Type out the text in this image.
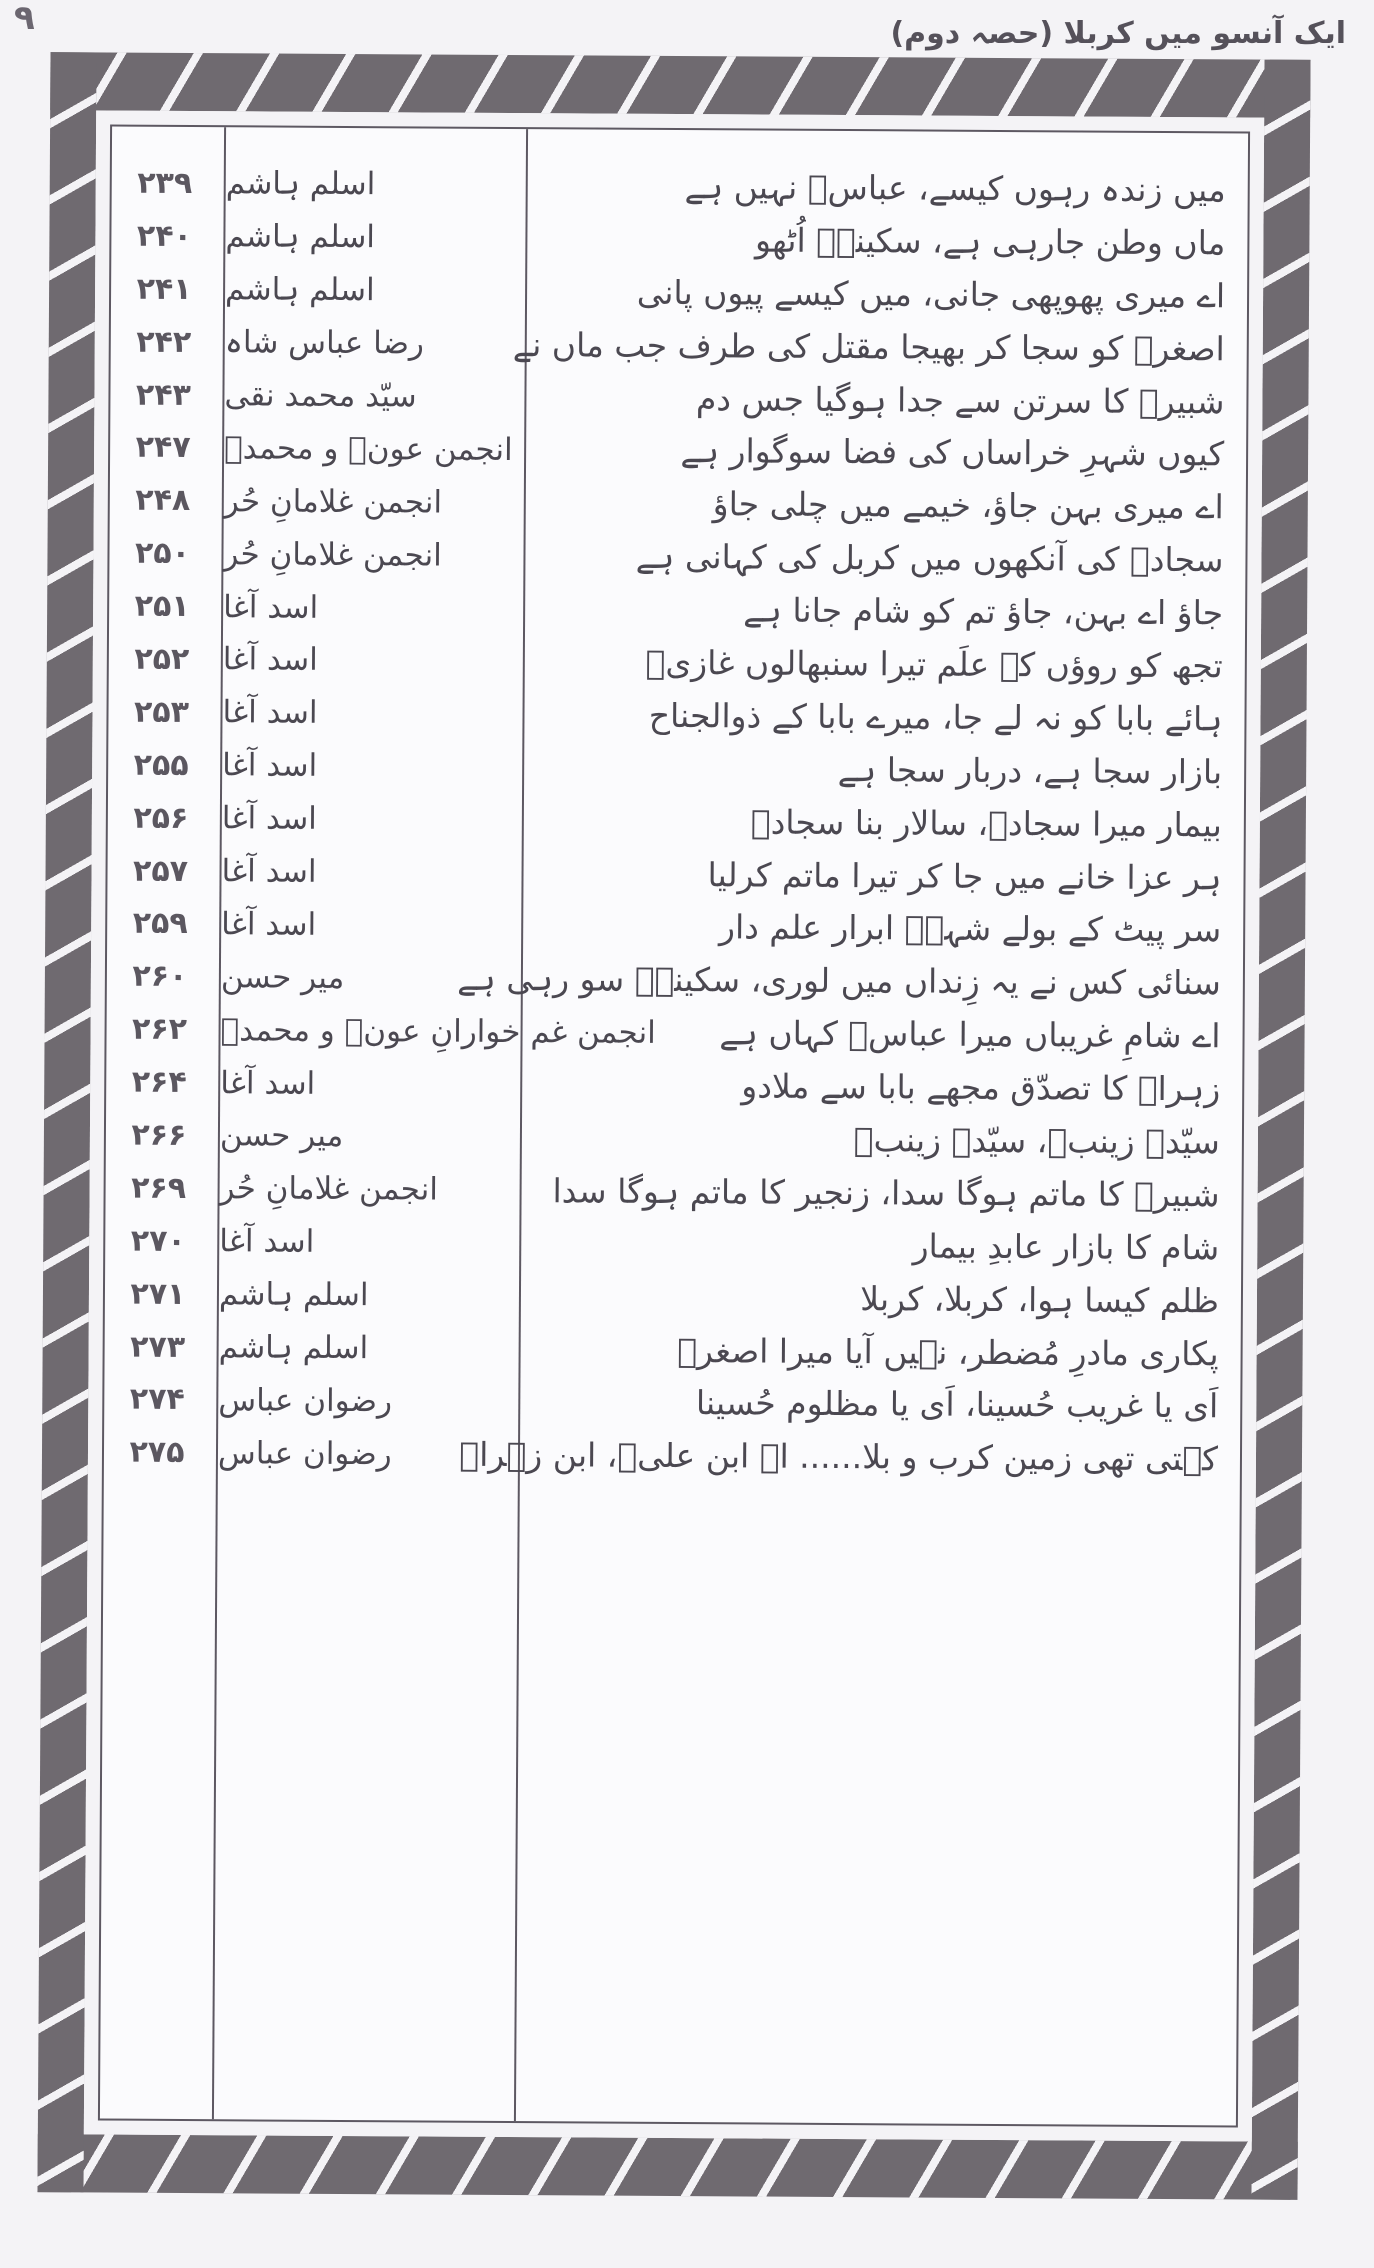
۹	ایک آنسو میں کربلا (حصہ دوم)
۲۳۹
۲۴۰
۲۴۱
۲۴۲
۲۴۳
۲۴۷
۲۴۸
۲۵۰
۲۵۱
۲۵۲
۲۵۳
۲۵۵
۲۵۶
۲۵۷
۲۵۹
۲۶۰
۲۶۲
۲۶۴
۲۶۶
۲۶۹
۲۷۰
۲۷۱
۲۷۳
۲۷۴
۲۷۵
اسلم ہاشم
اسلم ہاشم
اسلم ہاشم
رضا عباس شاہ
سیّد محمد نقی
انجمن عونؑ و محمدؑ
انجمن غلامانِ حُر
انجمن غلامانِ حُر
اسد آغا
اسد آغا
اسد آغا
اسد آغا
اسد آغا
اسد آغا
اسد آغا
میر حسن
انجمن غم خوارانِ عونؑ و محمدؑ
اسد آغا
میر حسن
انجمن غلامانِ حُر
اسد آغا
اسلم ہاشم
اسلم ہاشم
رضوان عباس
رضوان عباس
میں زندہ رہوں کیسے، عباسؑ نہیں ہے
ماں وطن جارہی ہے، سکینہؑ اُٹھو
اے میری پھوپھی جانی، میں کیسے پیوں پانی
اصغرؑ کو سجا کر بھیجا مقتل کی طرف جب ماں نے
شبیرؑ کا سرتن سے جدا ہوگیا جس دم
کیوں شہرِ خراساں کی فضا سوگوار ہے
اے میری بہن جاؤ، خیمے میں چلی جاؤ
سجادؑ کی آنکھوں میں کربل کی کہانی ہے
جاؤ اے بہن، جاؤ تم کو شام جانا ہے
تجھ کو روؤں کہ علَم تیرا سنبھالوں غازیؑ
ہائے بابا کو نہ لے جا، میرے بابا کے ذوالجناح
بازار سجا ہے، دربار سجا ہے
بیمار میرا سجادؑ، سالار بنا سجادؑ
ہر عزا خانے میں جا کر تیرا ماتم کرلیا
سر پیٹ کے بولے شہہؑ ابرار علم دار
سنائی کس نے یہ زِنداں میں لوری، سکینہؑ سو رہی ہے
اے شامِ غریباں میرا عباسؑ کہاں ہے
زہراؑ کا تصدّق مجھے بابا سے ملادو
سیّدہ زینبؑ، سیّدہ زینبؑ
شبیرؑ کا ماتم ہوگا سدا، زنجیر کا ماتم ہوگا سدا
شام کا بازار عابدِ بیمار
ظلم کیسا ہوا، کربلا، کربلا
پکاری مادرِ مُضطر، نہیں آیا میرا اصغرؑ
اَی یا غریب حُسینا، اَی یا مظلوم حُسینا
کہتی تھی زمین کرب و بلا...... اے ابن علیؑ، ابن زہراؑ
